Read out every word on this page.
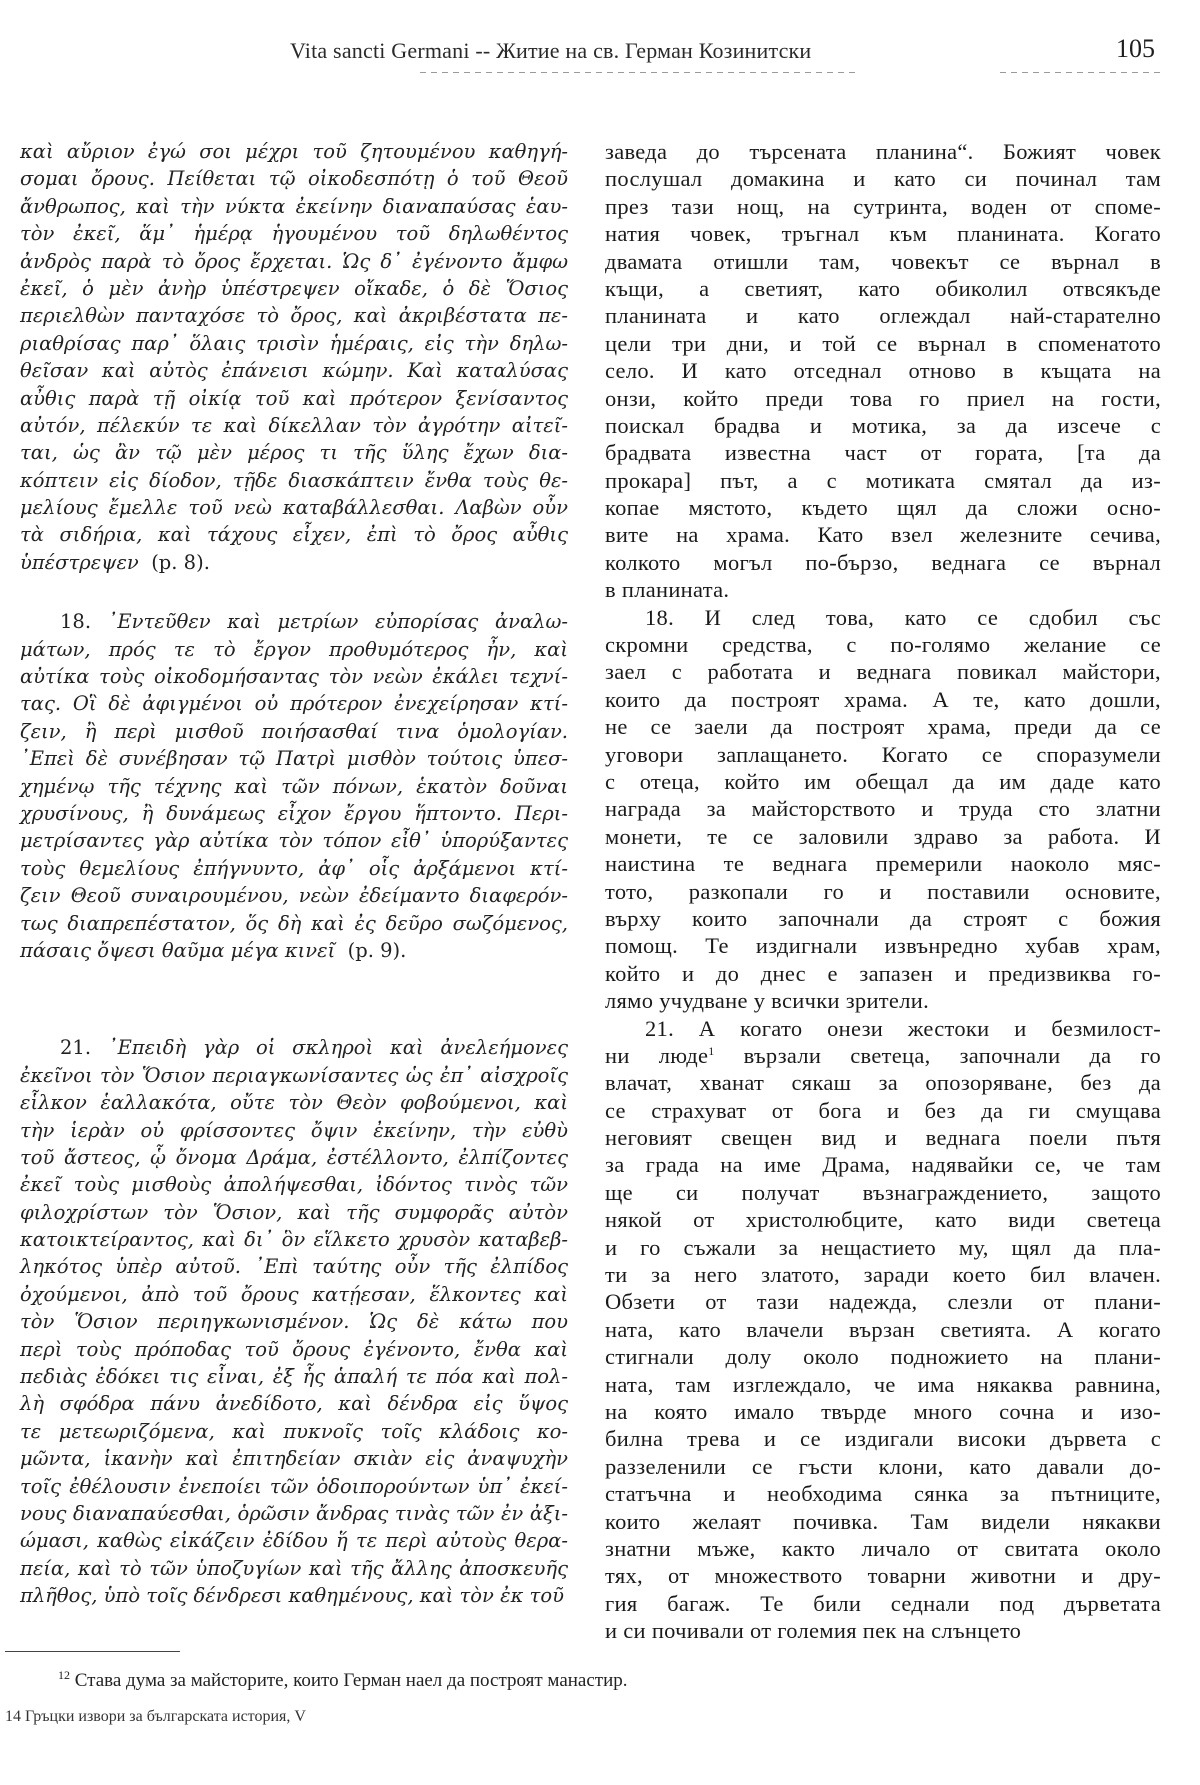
Vita sancti Germani -- Житие на св. Герман Козинитски	105
καὶ αὔριον ἐγώ σοι μέχρι τοῦ ζητουμένου καθηγή-
σομαι ὄρους. Πείθεται τῷ οἰκοδεσπότῃ ὁ τοῦ Θεοῦ
ἄνθρωπος, καὶ τὴν νύκτα ἐκείνην διαναπαύσας ἑαυ-
τὸν ἐκεῖ, ἅμ᾽ ἡμέρᾳ ἡγουμένου τοῦ δηλωθέντος
ἀνδρὸς παρὰ τὸ ὄρος ἔρχεται. Ὡς δ᾽ ἐγένοντο ἄμφω
ἐκεῖ, ὁ μὲν ἀνὴρ ὑπέστρεψεν οἴκαδε, ὁ δὲ Ὅσιος
περιελθὼν πανταχόσε τὸ ὄρος, καὶ ἀκριβέστατα πε-
ριαθρίσας παρ᾽ ὅλαις τρισὶν ἡμέραις, εἰς τὴν δηλω-
θεῖσαν καὶ αὐτὸς ἐπάνεισι κώμην. Καὶ καταλύσας
αὖθις παρὰ τῇ οἰκίᾳ τοῦ καὶ πρότερον ξενίσαντος
αὐτόν, πέλεκύν τε καὶ δίκελλαν τὸν ἀγρότην αἰτεῖ-
ται, ὡς ἂν τῷ μὲν μέρος τι τῆς ὕλης ἔχων δια-
κόπτειν εἰς δίοδον, τῇδε διασκάπτειν ἔνθα τοὺς θε-
μελίους ἔμελλε τοῦ νεὼ καταβάλλεσθαι. Λαβὼν οὖν
τὰ σιδήρια, καὶ τάχους εἶχεν, ἐπὶ τὸ ὄρος αὖθις
ὑπέστρεψεν (p. 8).
18. ᾽Εντεῦθεν καὶ μετρίων εὐπορίσας ἀναλω-
μάτων, πρός τε τὸ ἔργον προθυμότερος ἦν, καὶ
αὐτίκα τοὺς οἰκοδομήσαντας τὸν νεὼν ἐκάλει τεχνί-
τας. Οἳ δὲ ἀφιγμένοι οὐ πρότερον ἐνεχείρησαν κτί-
ζειν, ἢ περὶ μισθοῦ ποιήσασθαί τινα ὁμολογίαν.
᾽Επεὶ δὲ συνέβησαν τῷ Πατρὶ μισθὸν τούτοις ὑπεσ-
χημένῳ τῆς τέχνης καὶ τῶν πόνων, ἑκατὸν δοῦναι
χρυσίνους, ἢ δυνάμεως εἶχον ἔργου ἥπτοντο. Περι-
μετρίσαντες γὰρ αὐτίκα τὸν τόπον εἶθ᾽ ὑπορύξαντες
τοὺς θεμελίους ἐπήγνυντο, ἀφ᾽ οἷς ἀρξάμενοι κτί-
ζειν Θεοῦ συναιρουμένου, νεὼν ἐδείμαντο διαφερόν-
τως διαπρεπέστατον, ὅς δὴ καὶ ἐς δεῦρο σωζόμενος,
πάσαις ὄψεσι θαῦμα μέγα κινεῖ (p. 9).
21. ᾽Επειδὴ γὰρ οἱ σκληροὶ καὶ ἀνελεήμονες
ἐκεῖνοι τὸν Ὅσιον περιαγκωνίσαντες ὡς ἐπ᾽ αἰσχροῖς
εἷλκον ἑαλλακότα, οὔτε τὸν Θεὸν φοβούμενοι, καὶ
τὴν ἱερὰν οὐ φρίσσοντες ὄψιν ἐκείνην, τὴν εὐθὺ
τοῦ ἄστεος, ᾧ ὄνομα Δράμα, ἐστέλλοντο, ἐλπίζοντες
ἐκεῖ τοὺς μισθοὺς ἀπολήψεσθαι, ἰδόντος τινὸς τῶν
φιλοχρίστων τὸν Ὅσιον, καὶ τῆς συμφορᾶς αὐτὸν
κατοικτείραντος, καὶ δι᾽ ὃν εἵλκετο χρυσὸν καταβεβ-
ληκότος ὑπὲρ αὐτοῦ. ᾽Επὶ ταύτης οὖν τῆς ἐλπίδος
ὀχούμενοι, ἀπὸ τοῦ ὄρους κατῄεσαν, ἕλκοντες καὶ
τὸν Ὅσιον περιηγκωνισμένον. Ὡς δὲ κάτω που
περὶ τοὺς πρόποδας τοῦ ὄρους ἐγένοντο, ἔνθα καὶ
πεδιὰς ἐδόκει τις εἶναι, ἐξ ἧς ἁπαλή τε πόα καὶ πολ-
λὴ σφόδρα πάνυ ἀνεδίδοτο, καὶ δένδρα εἰς ὕψος
τε μετεωριζόμενα, καὶ πυκνοῖς τοῖς κλάδοις κο-
μῶντα, ἱκανὴν καὶ ἐπιτηδείαν σκιὰν εἰς ἀναψυχὴν
τοῖς ἐθέλουσιν ἐνεποίει τῶν ὁδοιπορούντων ὑπ᾽ ἐκεί-
νους διαναπαύεσθαι, ὁρῶσιν ἄνδρας τινὰς τῶν ἐν ἀξι-
ώμασι, καθὼς εἰκάζειν ἐδίδου ἥ τε περὶ αὐτοὺς θερα-
πεία, καὶ τὸ τῶν ὑποζυγίων καὶ τῆς ἄλλης ἀποσκευῆς
πλῆθος, ὑπὸ τοῖς δένδρεσι καθημένους, καὶ τὸν ἐκ τοῦ
заведа до търсената планина“. Божият човек
послушал домакина и като си починал там
през тази нощ, на сутринта, воден от споме-
натия човек, тръгнал към планината. Когато
двамата отишли там, човекът се върнал в
къщи, а светият, като обиколил отвсякъде
планината и като оглеждал най-старателно
цели три дни, и той се върнал в споменатото
село. И като отседнал отново в къщата на
онзи, който преди това го приел на гости,
поискал брадва и мотика, за да изсече с
брадвата известна част от гората, [та да
прокара] път, а с мотиката смятал да из-
копае мястото, където щял да сложи осно-
вите на храма. Като взел железните сечива,
колкото могъл по-бързо, веднага се върнал
в планината.
18. И след това, като се сдобил със
скромни средства, с по-голямо желание се
заел с работата и веднага повикал майстори,
които да построят храма. А те, като дошли,
не се заели да построят храма, преди да се
уговори заплащането. Когато се споразумели
с отеца, който им обещал да им даде като
награда за майсторството и труда сто златни
монети, те се заловили здраво за работа. И
наистина те веднага премерили наоколо мяс-
тото, разкопали го и поставили основите,
върху които започнали да строят с божия
помощ. Те издигнали извънредно хубав храм,
който и до днес е запазен и предизвиква го-
лямо учудване у всички зрители.
21. А когато онези жестоки и безмилост-
ни люде$^1$ вързали светеца, започнали да го
влачат, хванат сякаш за опозоряване, без да
се страхуват от бога и без да ги смущава
неговият свещен вид и веднага поели пътя
за града на име Драма, надявайки се, че там
ще си получат възнаграждението, защото
някой от христолюбците, като види светеца
и го съжали за нещастието му, щял да пла-
ти за него златото, заради което бил влачен.
Обзети от тази надежда, слезли от плани-
ната, като влачели вързан светията. А когато
стигнали долу около подножието на плани-
ната, там изглеждало, че има някаква равнина,
на която имало твърде много сочна и изо-
билна трева и се издигали високи дървета с
раззеленили се гъсти клони, като давали до-
статъчна и необходима сянка за пътниците,
които желаят почивка. Там видели някакви
знатни мъже, както личало от свитата около
тях, от множеството товарни животни и дру-
гия багаж. Те били седнали под дърветата
и си почивали от големия пек на слънцето
$^{12}$ Става дума за майсторите, които Герман наел да построят манастир.
14 Гръцки извори за българската история, V
